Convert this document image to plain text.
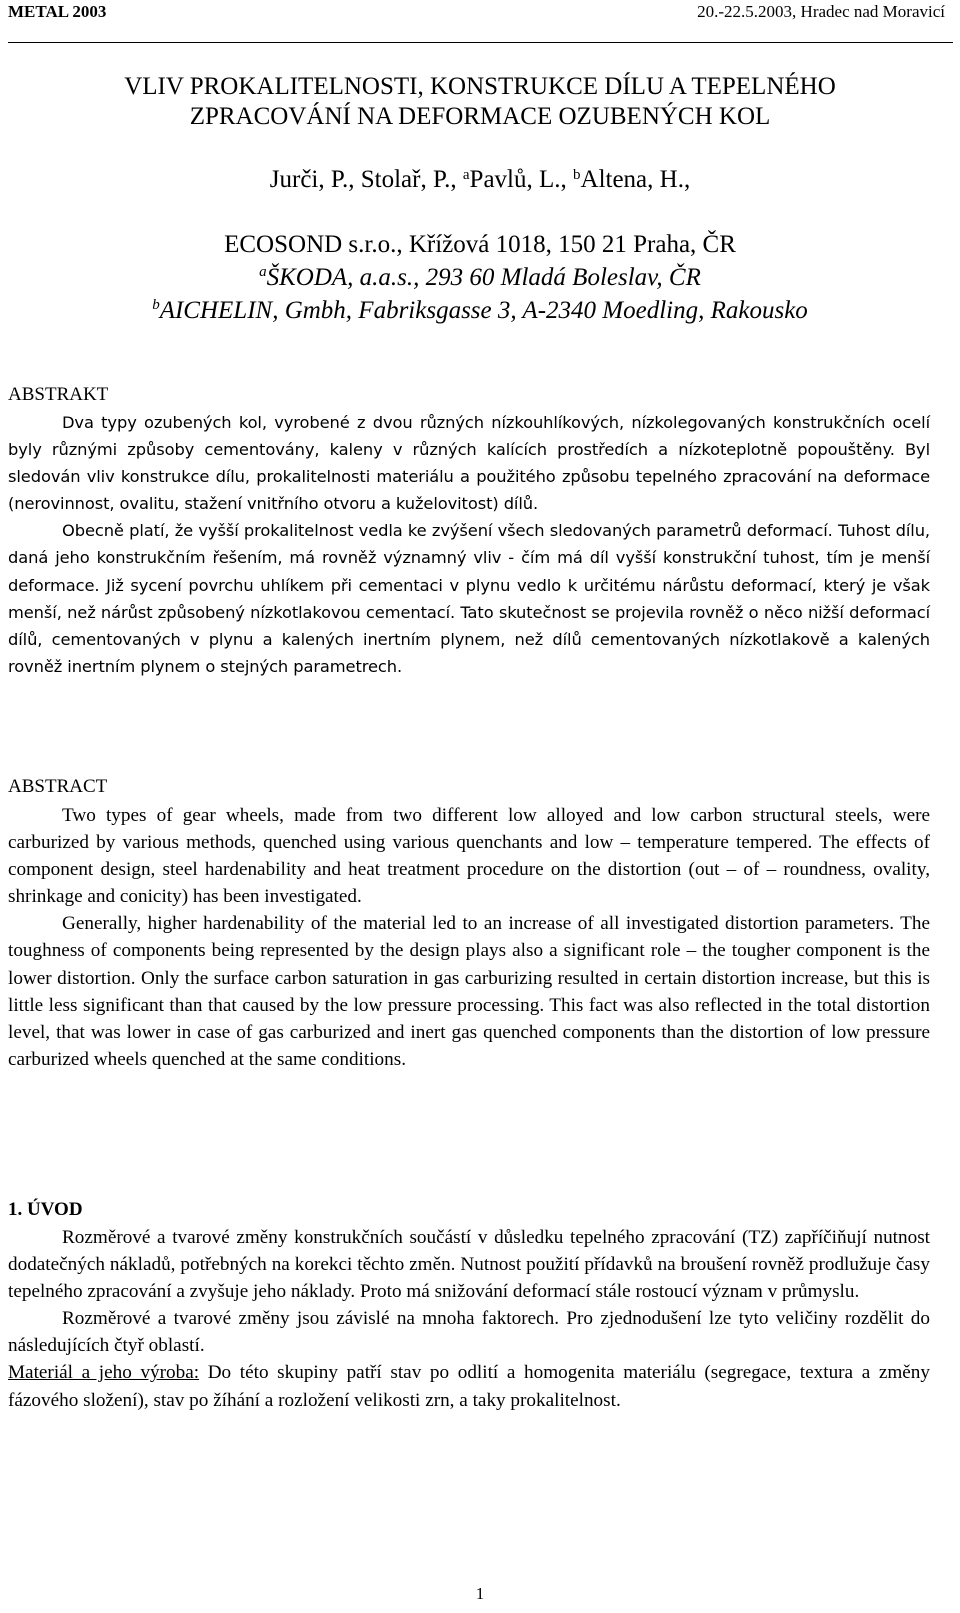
METAL 2003	20.-22.5.2003, Hradec nad Moravicí
VLIV PROKALITELNOSTI, KONSTRUKCE DÍLU A TEPELNÉHO
ZPRACOVÁNÍ NA DEFORMACE OZUBENÝCH KOL
Jurči, P., Stolař, P., $^a$Pavlů, L., $^b$Altena, H.,
ECOSOND s.r.o., Křížová 1018, 150 21 Praha, ČR
$^a$ŠKODA, a.a.s., 293 60 Mladá Boleslav, ČR
$^b$AICHELIN, Gmbh, Fabriksgasse 3, A-2340 Moedling, Rakousko
ABSTRAKT

Dva typy ozubených kol, vyrobené z dvou různých nízkouhlíkových, nízkolegovaných konstrukčních ocelí byly různými způsoby cementovány, kaleny v různých kalících prostředích a nízkoteplotně popouštěny. Byl sledován vliv konstrukce dílu, prokalitelnosti materiálu a použitého způsobu tepelného zpracování na deformace (nerovinnost, ovalitu, stažení vnitřního otvoru a kuželovitost) dílů.

Obecně platí, že vyšší prokalitelnost vedla ke zvýšení všech sledovaných parametrů deformací. Tuhost dílu, daná jeho konstrukčním řešením, má rovněž významný vliv - čím má díl vyšší konstrukční tuhost, tím je menší deformace. Již sycení povrchu uhlíkem při cementaci v plynu vedlo k určitému nárůstu deformací, který je však menší, než nárůst způsobený nízkotlakovou cementací. Tato skutečnost se projevila rovněž o něco nižší deformací dílů, cementovaných v plynu a kalených inertním plynem, než dílů cementovaných nízkotlakově a kalených rovněž inertním plynem o stejných parametrech.

ABSTRACT

Two types of gear wheels, made from two different low alloyed and low carbon structural steels, were carburized by various methods, quenched using various quenchants and low – temperature tempered. The effects of component design, steel hardenability and heat treatment procedure on the distortion (out – of – roundness, ovality, shrinkage and conicity) has been investigated.

Generally, higher hardenability of the material led to an increase of all investigated distortion parameters. The toughness of components being represented by the design plays also a significant role – the tougher component is the lower distortion. Only the surface carbon saturation in gas carburizing resulted in certain distortion increase, but this is little less significant than that caused by the low pressure processing. This fact was also reflected in the total distortion level, that was lower in case of gas carburized and inert gas quenched components than the distortion of low pressure carburized wheels quenched at the same conditions.

1. ÚVOD

Rozměrové a tvarové změny konstrukčních součástí v důsledku tepelného zpracování (TZ) zapříčiňují nutnost dodatečných nákladů, potřebných na korekci těchto změn. Nutnost použití přídavků na broušení rovněž prodlužuje časy tepelného zpracování a zvyšuje jeho náklady. Proto má snižování deformací stále rostoucí význam v průmyslu.

Rozměrové a tvarové změny jsou závislé na mnoha faktorech. Pro zjednodušení lze tyto veličiny rozdělit do následujících čtyř oblastí.

Materiál a jeho výroba: Do této skupiny patří stav po odlití a homogenita materiálu (segregace, textura a změny fázového složení), stav po žíhání a rozložení velikosti zrn, a taky prokalitelnost.

1
